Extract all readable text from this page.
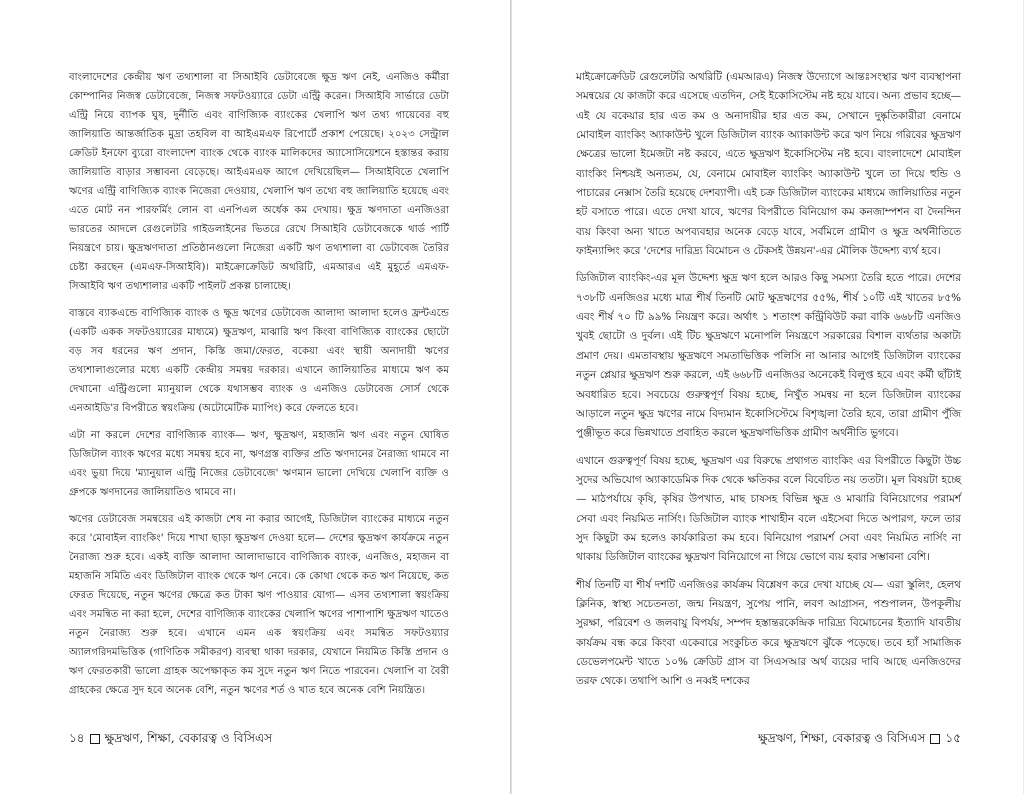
বাংলাদেশের কেন্দ্রীয় ঋণ তথ্যশালা বা সিআইবি ডেটাবেজে ক্ষুদ্র ঋণ নেই, এনজিও কর্মীরা কোম্পানির নিজস্ব ডেটাবেজে, নিজস্ব সফটওয়্যারে ডেটা এন্ট্রি করেন। সিআইবি সার্ভারে ডেটা এন্ট্রি নিয়ে ব্যাপক ঘুষ, দুর্নীতি এবং বাণিজ্যিক ব্যাংকের খেলাপি ঋণ তথ্য গায়েবের বহু জালিয়াতি আন্তর্জাতিক মুদ্রা তহবিল বা আইএমএফ রিপোর্টে প্রকাশ পেয়েছে। ২০২৩ সেন্ট্রাল ক্রেডিট ইনফো ব্যুরো বাংলাদেশ ব্যাংক থেকে ব্যাংক মালিকদের অ্যাসোসিয়েশনে হস্তান্তর করায় জালিয়াতি বাড়ার সম্ভাবনা বেড়েছে। আইএমএফ আগে দেখিয়েছিল— সিআইবিতে খেলাপি ঋণের এন্ট্রি বাণিজ্যিক ব্যাংক নিজেরা দেওয়ায়, খেলাপি ঋণ তথ্যে বহু জালিয়াতি হয়েছে এবং এতে মোট নন পারফর্মিং লোন বা এনপিএল অর্ধেক কম দেখায়। ক্ষুদ্র ঋণদাতা এনজিওরা ভারতের আদলে রেগুলেটরি গাইডলাইনের ভিতরে রেখে সিআইবি ডেটাবেজকে থার্ড পার্টি নিয়ন্ত্রণে চায়। ক্ষুদ্রঋণদাতা প্রতিষ্ঠানগুলো নিজেরা একটি ঋণ তথ্যশালা বা ডেটাবেজ তৈরির চেষ্টা করছেন (এমএফ-সিআইবি)। মাইক্রোক্রেডিট অথরিটি, এমআরএ এই মুহূর্তে এমএফ-সিআইবি ঋণ তথ্যশালার একটি পাইলট প্রকল্প চালাচ্ছে।

বাস্তবে ব্যাকএন্ডে বাণিজ্যিক ব্যাংক ও ক্ষুদ্র ঋণের ডেটাবেজ আলাদা আলাদা হলেও ফ্রন্টএন্ডে (একটি একক সফটওয়্যারের মাধ্যমে) ক্ষুদ্রঋণ, মাঝারি ঋণ কিংবা বাণিজ্যিক ব্যাংকের ছোটো বড় সব ধরনের ঋণ প্রদান, কিস্তি জমা/ফেরত, বকেয়া এবং স্থায়ী অনাদায়ী ঋণের তথ্যশালাগুলোর মধ্যে একটি কেন্দ্রীয় সমন্বয় দরকার। এখানে জালিয়াতির মাধ্যমে ঋণ কম দেখানো এন্ট্রিগুলো ম্যানুয়াল থেকে যথাসম্ভব ব্যাংক ও এনজিও ডেটাবেজ সোর্স থেকে এনআইডি'র বিপরীতে স্বয়ংক্রিয় (অটোমেটিক ম্যাপিং) করে ফেলতে হবে।

এটা না করলে দেশের বাণিজ্যিক ব্যাংক— ঋণ, ক্ষুদ্রঋণ, মহাজনি ঋণ এবং নতুন ঘোষিত ডিজিটাল ব্যাংক ঋণের মধ্যে সমন্বয় হবে না, ঋণগ্রস্ত ব্যক্তির প্রতি ঋণদানের নৈরাজ্য থামবে না এবং ভুয়া দিয়ে 'ম্যানুয়াল এন্ট্রি নিজের ডেটাবেজে' ঋণমান ভালো দেখিয়ে খেলাপি ব্যক্তি ও গ্রুপকে ঋণদানের জালিয়াতিও থামবে না।

ঋণের ডেটাবেজ সমন্বয়ের এই কাজটা শেষ না করার আগেই, ডিজিটাল ব্যাংকের মাধ্যমে নতুন করে 'মোবাইল ব্যাংকিং' দিয়ে শাখা ছাড়া ক্ষুদ্রঋণ দেওয়া হলে— দেশের ক্ষুদ্রঋণ কার্যক্রমে নতুন নৈরাজ্য শুরু হবে। একই ব্যক্তি আলাদা আলাদাভাবে বাণিজ্যিক ব্যাংক, এনজিও, মহাজন বা মহাজনি সমিতি এবং ডিজিটাল ব্যাংক থেকে ঋণ নেবে। কে কোথা থেকে কত ঋণ নিয়েছে, কত ফেরত দিয়েছে, নতুন ঋণের ক্ষেত্রে কত টাকা ঋণ পাওয়ার যোগ্য— এসব তথ্যশালা স্বয়ংক্রিয় এবং সমন্বিত না করা হলে, দেশের বাণিজ্যিক ব্যাংকের খেলাপি ঋণের পাশাপাশি ক্ষুদ্রঋণ খাতেও নতুন নৈরাজ্য শুরু হবে। এখানে এমন এক স্বয়ংক্রিয় এবং সমন্বিত সফটওয়্যার অ্যালগরিদমভিত্তিক (গাণিতিক সমীকরণ) ব্যবস্থা থাকা দরকার, যেখানে নিয়মিত কিস্তি প্রদান ও ঋণ ফেরতকারী ভালো গ্রাহক অপেক্ষাকৃত কম সুদে নতুন ঋণ নিতে পারবেন। খেলাপি বা বৈরী গ্রাহকের ক্ষেত্রে সুদ হবে অনেক বেশি, নতুন ঋণের শর্ত ও খাত হবে অনেক বেশি নিয়ন্ত্রিত।

১৪ ক্ষুদ্রঋণ, শিক্ষা, বেকারত্ব ও বিসিএস

মাইক্রোক্রেডিট রেগুলেটরি অথরিটি (এমআরএ) নিজস্ব উদ্যোগে আন্তঃসংস্থার ঋণ ব্যবস্থাপনা সমন্বয়ের যে কাজটা করে এসেছে এতদিন, সেই ইকোসিস্টেম নষ্ট হয়ে যাবে। অন্য প্রভাব হচ্ছে— এই যে বকেয়ার হার এত কম ও অনাদায়ীর হার এত কম, সেখানে দুষ্কৃতিকারীরা বেনামে মোবাইল ব্যাংকিং অ্যাকাউন্ট খুলে ডিজিটাল ব্যাংক অ্যাকাউন্ট করে ঋণ নিয়ে গরিবের ক্ষুদ্রঋণ ক্ষেত্রের ভালো ইমেজটা নষ্ট করবে, এতে ক্ষুদ্রঋণ ইকোসিস্টেম নষ্ট হবে। বাংলাদেশে মোবাইল ব্যাংকিং নিশ্চয়ই অন্যতম, যে, বেনামে মোবাইল ব্যাংকিং অ্যাকাউন্ট খুলে তা দিয়ে হুন্ডি ও পাচারের নেক্সাস তৈরি হয়েছে দেশব্যাপী। এই চক্র ডিজিটাল ব্যাংকের মাধ্যমে জালিয়াতির নতুন হট বসাতে পারে। এতে দেখা যাবে, ঋণের বিপরীতে বিনিয়োগ কম কনজাম্পশন বা দৈনন্দিন ব্যয় কিংবা অন্য খাতে অপব্যবহার অনেক বেড়ে যাবে, সর্বমিলে গ্রামীণ ও ক্ষুদ্র অর্থনীতিতে ফাইন্যান্সিং করে 'দেশের দারিদ্র্য বিমোচন ও টেকসই উন্নয়ন'-এর মৌলিক উদ্দেশ্য ব্যর্থ হবে।

ডিজিটাল ব্যাংকিং-এর মূল উদ্দেশ্য ক্ষুদ্র ঋণ হলে আরও কিছু সমস্যা তৈরি হতে পারে। দেশের ৭৩৮টি এনজিওর মধ্যে মাত্র শীর্ষ তিনটি মোট ক্ষুদ্রঋণের ৫৫%, শীর্ষ ১০টি এই খাতের ৮৫% এবং শীর্ষ ৭০ টি ৯৯% নিয়ন্ত্রণ করে। অর্থাৎ ১ শতাংশ কন্ট্রিবিউট করা বাকি ৬৬৮টি এনজিও খুবই ছোটো ও দুর্বল। এই টিচ ক্ষুদ্রঋণে মনোপলি নিয়ন্ত্রণে সরকারের বিশাল ব্যর্থতার অকাট্য প্রমাণ দেয়। এমতাবস্থায় ক্ষুদ্রঋণে সমতাভিত্তিক পলিসি না আনার আগেই ডিজিটাল ব্যাংকের নতুন প্লেয়ার ক্ষুদ্রঋণ শুরু করলে, এই ৬৬৮টি এনজিওর অনেকেই বিলুপ্ত হবে এবং কর্মী ছাঁটাই অবধারিত হবে। সবচেয়ে গুরুত্বপূর্ণ বিষয় হচ্ছে, নিখুঁত সমন্বয় না হলে ডিজিটাল ব্যাংকের আড়ালে নতুন ক্ষুদ্র ঋণের নামে বিদ্যমান ইকোসিস্টেমে বিশৃঙ্খলা তৈরি হবে, তারা গ্রামীণ পুঁজি পুঞ্জীভূত করে ভিন্নখাতে প্রবাহিত করলে ক্ষুদ্রঋণভিত্তিক গ্রামীণ অর্থনীতি ভুগবে।

এখানে গুরুত্বপূর্ণ বিষয় হচ্ছে, ক্ষুদ্রঋণ এর বিরুদ্ধে প্রথাগত ব্যাংকিং এর বিপরীতে কিছুটা উচ্চ সুদের অভিযোগ অ্যাকাডেমিক দিক থেকে ক্ষতিকর বলে বিবেচিত নয় ততটা। মূল বিষয়টা হচ্ছে— মাঠপর্যায়ে কৃষি, কৃষির উপখাত, মাছ চাষসহ বিভিন্ন ক্ষুদ্র ও মাঝারি বিনিয়োগের পরামর্শ সেবা এবং নিয়মিত নার্সিং। ডিজিটাল ব্যাংক শাখাহীন বলে এইসেবা দিতে অপারগ, ফলে তার সুদ কিছুটা কম হলেও কার্যকারিতা কম হবে। বিনিয়োগ পরামর্শ সেবা এবং নিয়মিত নার্সিং না থাকায় ডিজিটাল ব্যাংকের ক্ষুদ্রঋণ বিনিয়োগে না গিয়ে ভোগে ব্যয় হবার সম্ভাবনা বেশি।

শীর্ষ তিনটি বা শীর্ষ দশটি এনজিওর কার্যক্রম বিশ্লেষণ করে দেখা যাচ্ছে যে— এরা স্কুলিং, হেলথ ক্লিনিক, স্বাস্থ্য সচেতনতা, জন্ম নিয়ন্ত্রণ, সুপেয় পানি, লবণ আগ্রাসন, পশুপালন, উপকূলীয় সুরক্ষা, পরিবেশ ও জলবায়ু বিপর্যয়, সম্পদ হস্তান্তরকেন্দ্রিক দারিদ্র্য বিমোচনের ইত্যাদি যাবতীয় কার্যক্রম বন্ধ করে কিংবা একেবারে সংকুচিত করে ক্ষুদ্রঋণে ঝুঁকে পড়েছে। তবে হ্যাঁ সামাজিক ডেভেলপমেন্ট খাতে ১০% ক্রেডিট গ্রাস বা সিএসআর অর্থ ব্যয়ের দাবি আছে এনজিওদের তরফ থেকে। তথাপি আশি ও নব্বই দশকের

ক্ষুদ্রঋণ, শিক্ষা, বেকারত্ব ও বিসিএস ১৫
